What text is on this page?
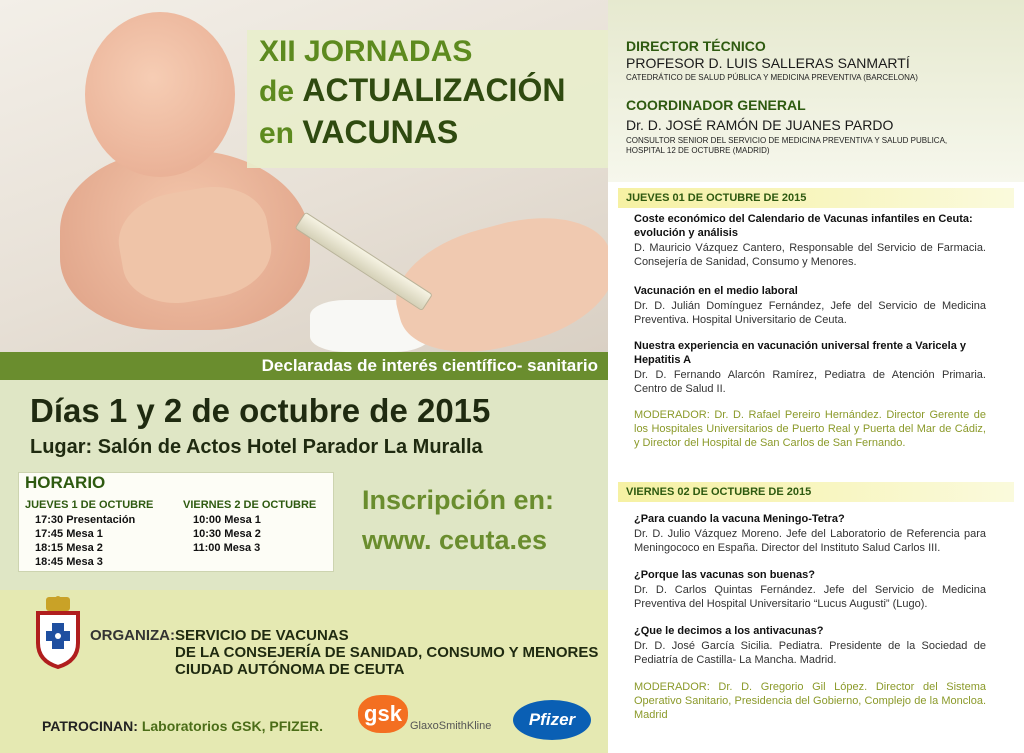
XII JORNADAS
de ACTUALIZACIÓN
en VACUNAS
Declaradas de interés científico- sanitario
Días 1 y 2 de octubre de 2015
Lugar: Salón de Actos Hotel Parador La Muralla
HORARIO
JUEVES 1 DE OCTUBRE
17:30 Presentación
17:45 Mesa 1
18:15 Mesa 2
18:45 Mesa 3
VIERNES 2 DE OCTUBRE
10:00 Mesa 1
10:30 Mesa 2
11:00 Mesa 3
Inscripción en:
www. ceuta.es
ORGANIZA: SERVICIO DE VACUNAS
DE LA CONSEJERÍA DE SANIDAD, CONSUMO Y MENORES
CIUDAD AUTÓNOMA DE CEUTA
PATROCINAN: Laboratorios GSK, PFIZER. gsk GlaxoSmithKline	Pfizer
DIRECTOR TÉCNICO
PROFESOR D. LUIS SALLERAS SANMARTÍ
CATEDRÁTICO DE SALUD PÚBLICA Y MEDICINA PREVENTIVA (BARCELONA)
COORDINADOR GENERAL
Dr. D. JOSÉ RAMÓN DE JUANES PARDO
CONSULTOR SENIOR DEL SERVICIO DE MEDICINA PREVENTIVA Y SALUD PUBLICA,
HOSPITAL 12 DE OCTUBRE (MADRID)
JUEVES 01 DE OCTUBRE DE 2015
Coste económico del Calendario de Vacunas infantiles en Ceuta: evolución y análisis
D. Mauricio Vázquez Cantero, Responsable del Servicio de Farmacia. Consejería de Sanidad, Consumo y Menores.
Vacunación en el medio laboral
Dr. D. Julián Domínguez Fernández, Jefe del Servicio de Medicina Preventiva. Hospital Universitario de Ceuta.
Nuestra experiencia en vacunación universal frente a Varicela y Hepatitis A
Dr. D. Fernando Alarcón Ramírez, Pediatra de Atención Primaria. Centro de Salud II.
MODERADOR: Dr. D. Rafael Pereiro Hernández. Director Gerente de los Hospitales Universitarios de Puerto Real y Puerta del Mar de Cádiz, y Director del Hospital de San Carlos de San Fernando.
VIERNES 02 DE OCTUBRE DE 2015
¿Para cuando la vacuna Meningo-Tetra?
Dr. D. Julio Vázquez Moreno. Jefe del Laboratorio de Referencia para Meningococo en España. Director del Instituto Salud Carlos III.
¿Porque las vacunas son buenas?
Dr. D. Carlos Quintas Fernández. Jefe del Servicio de Medicina Preventiva del Hospital Universitario “Lucus Augusti” (Lugo).
¿Que le decimos a los antivacunas?
Dr. D. José García Sicilia. Pediatra. Presidente de la Sociedad de Pediatría de Castilla- La Mancha. Madrid.
MODERADOR: Dr. D. Gregorio Gil López. Director del Sistema Operativo Sanitario, Presidencia del Gobierno, Complejo de la Moncloa. Madrid
